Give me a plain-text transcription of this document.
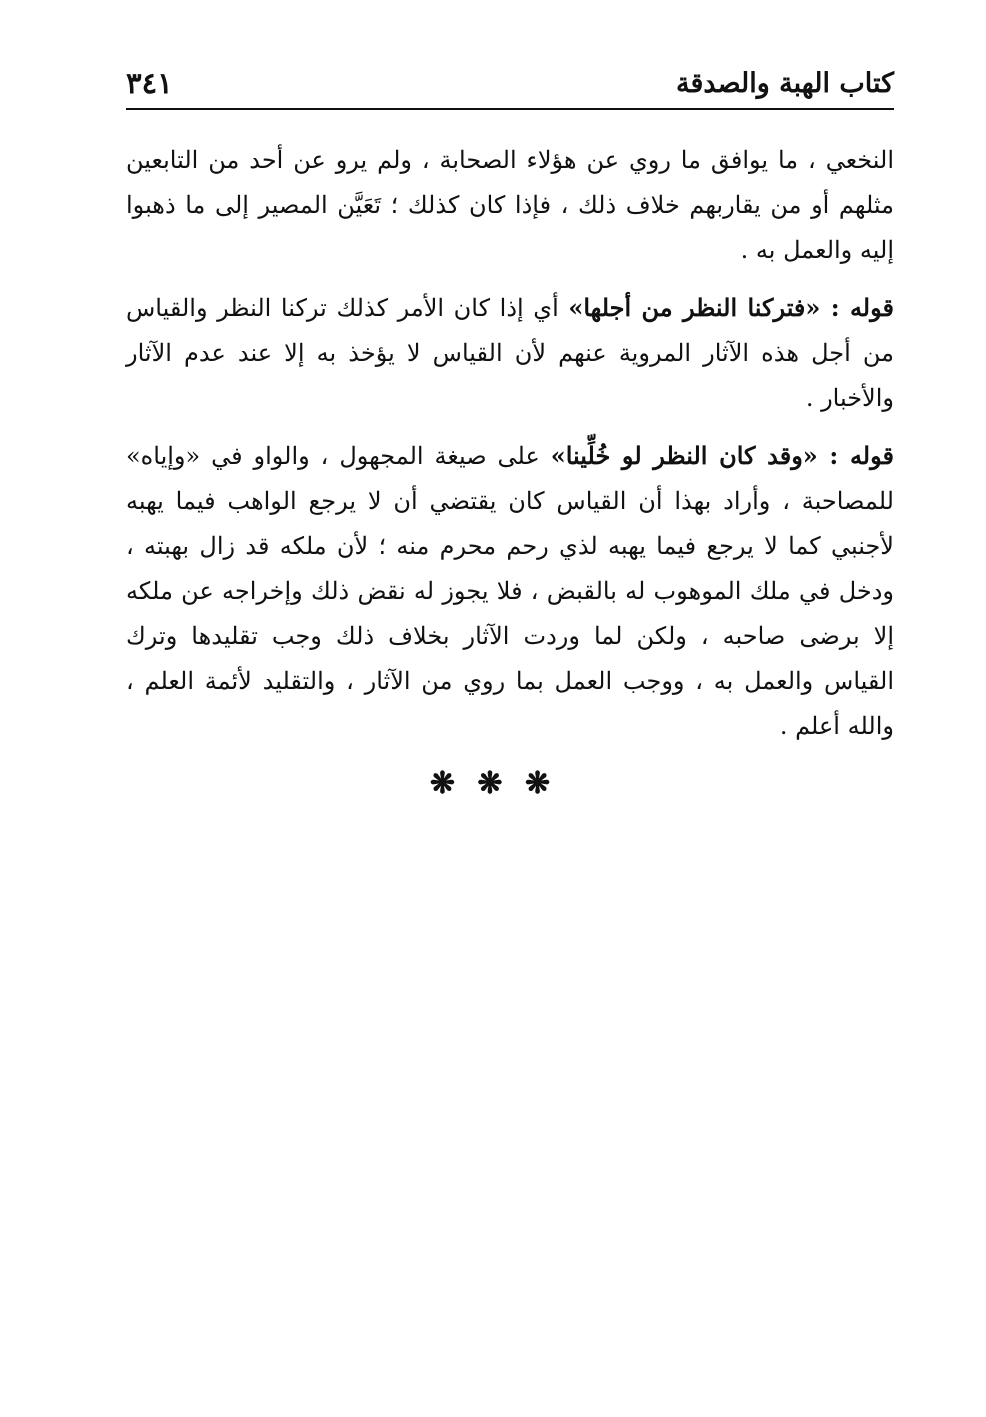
كتاب الهبة والصدقة
٣٤١

النخعي ، ما يوافق ما روي عن هؤلاء الصحابة ، ولم يرو عن أحد من التابعين مثلهم أو من يقاربهم خلاف ذلك ، فإذا كان كذلك ؛ تَعَيَّن المصير إلى ما ذهبوا إليه والعمل به .

قوله : «فتركنا النظر من أجلها» أي إذا كان الأمر كذلك تركنا النظر والقياس من أجل هذه الآثار المروية عنهم لأن القياس لا يؤخذ به إلا عند عدم الآثار والأخبار .

قوله : «وقد كان النظر لو خُلِّينا» على صيغة المجهول ، والواو في «وإياه» للمصاحبة ، وأراد بهذا أن القياس كان يقتضي أن لا يرجع الواهب فيما يهبه لأجنبي كما لا يرجع فيما يهبه لذي رحم محرم منه ؛ لأن ملكه قد زال بهبته ، ودخل في ملك الموهوب له بالقبض ، فلا يجوز له نقض ذلك وإخراجه عن ملكه إلا برضى صاحبه ، ولكن لما وردت الآثار بخلاف ذلك وجب تقليدها وترك القياس والعمل به ، ووجب العمل بما روي من الآثار ، والتقليد لأئمة العلم ، والله أعلم .

❋ ❋ ❋
